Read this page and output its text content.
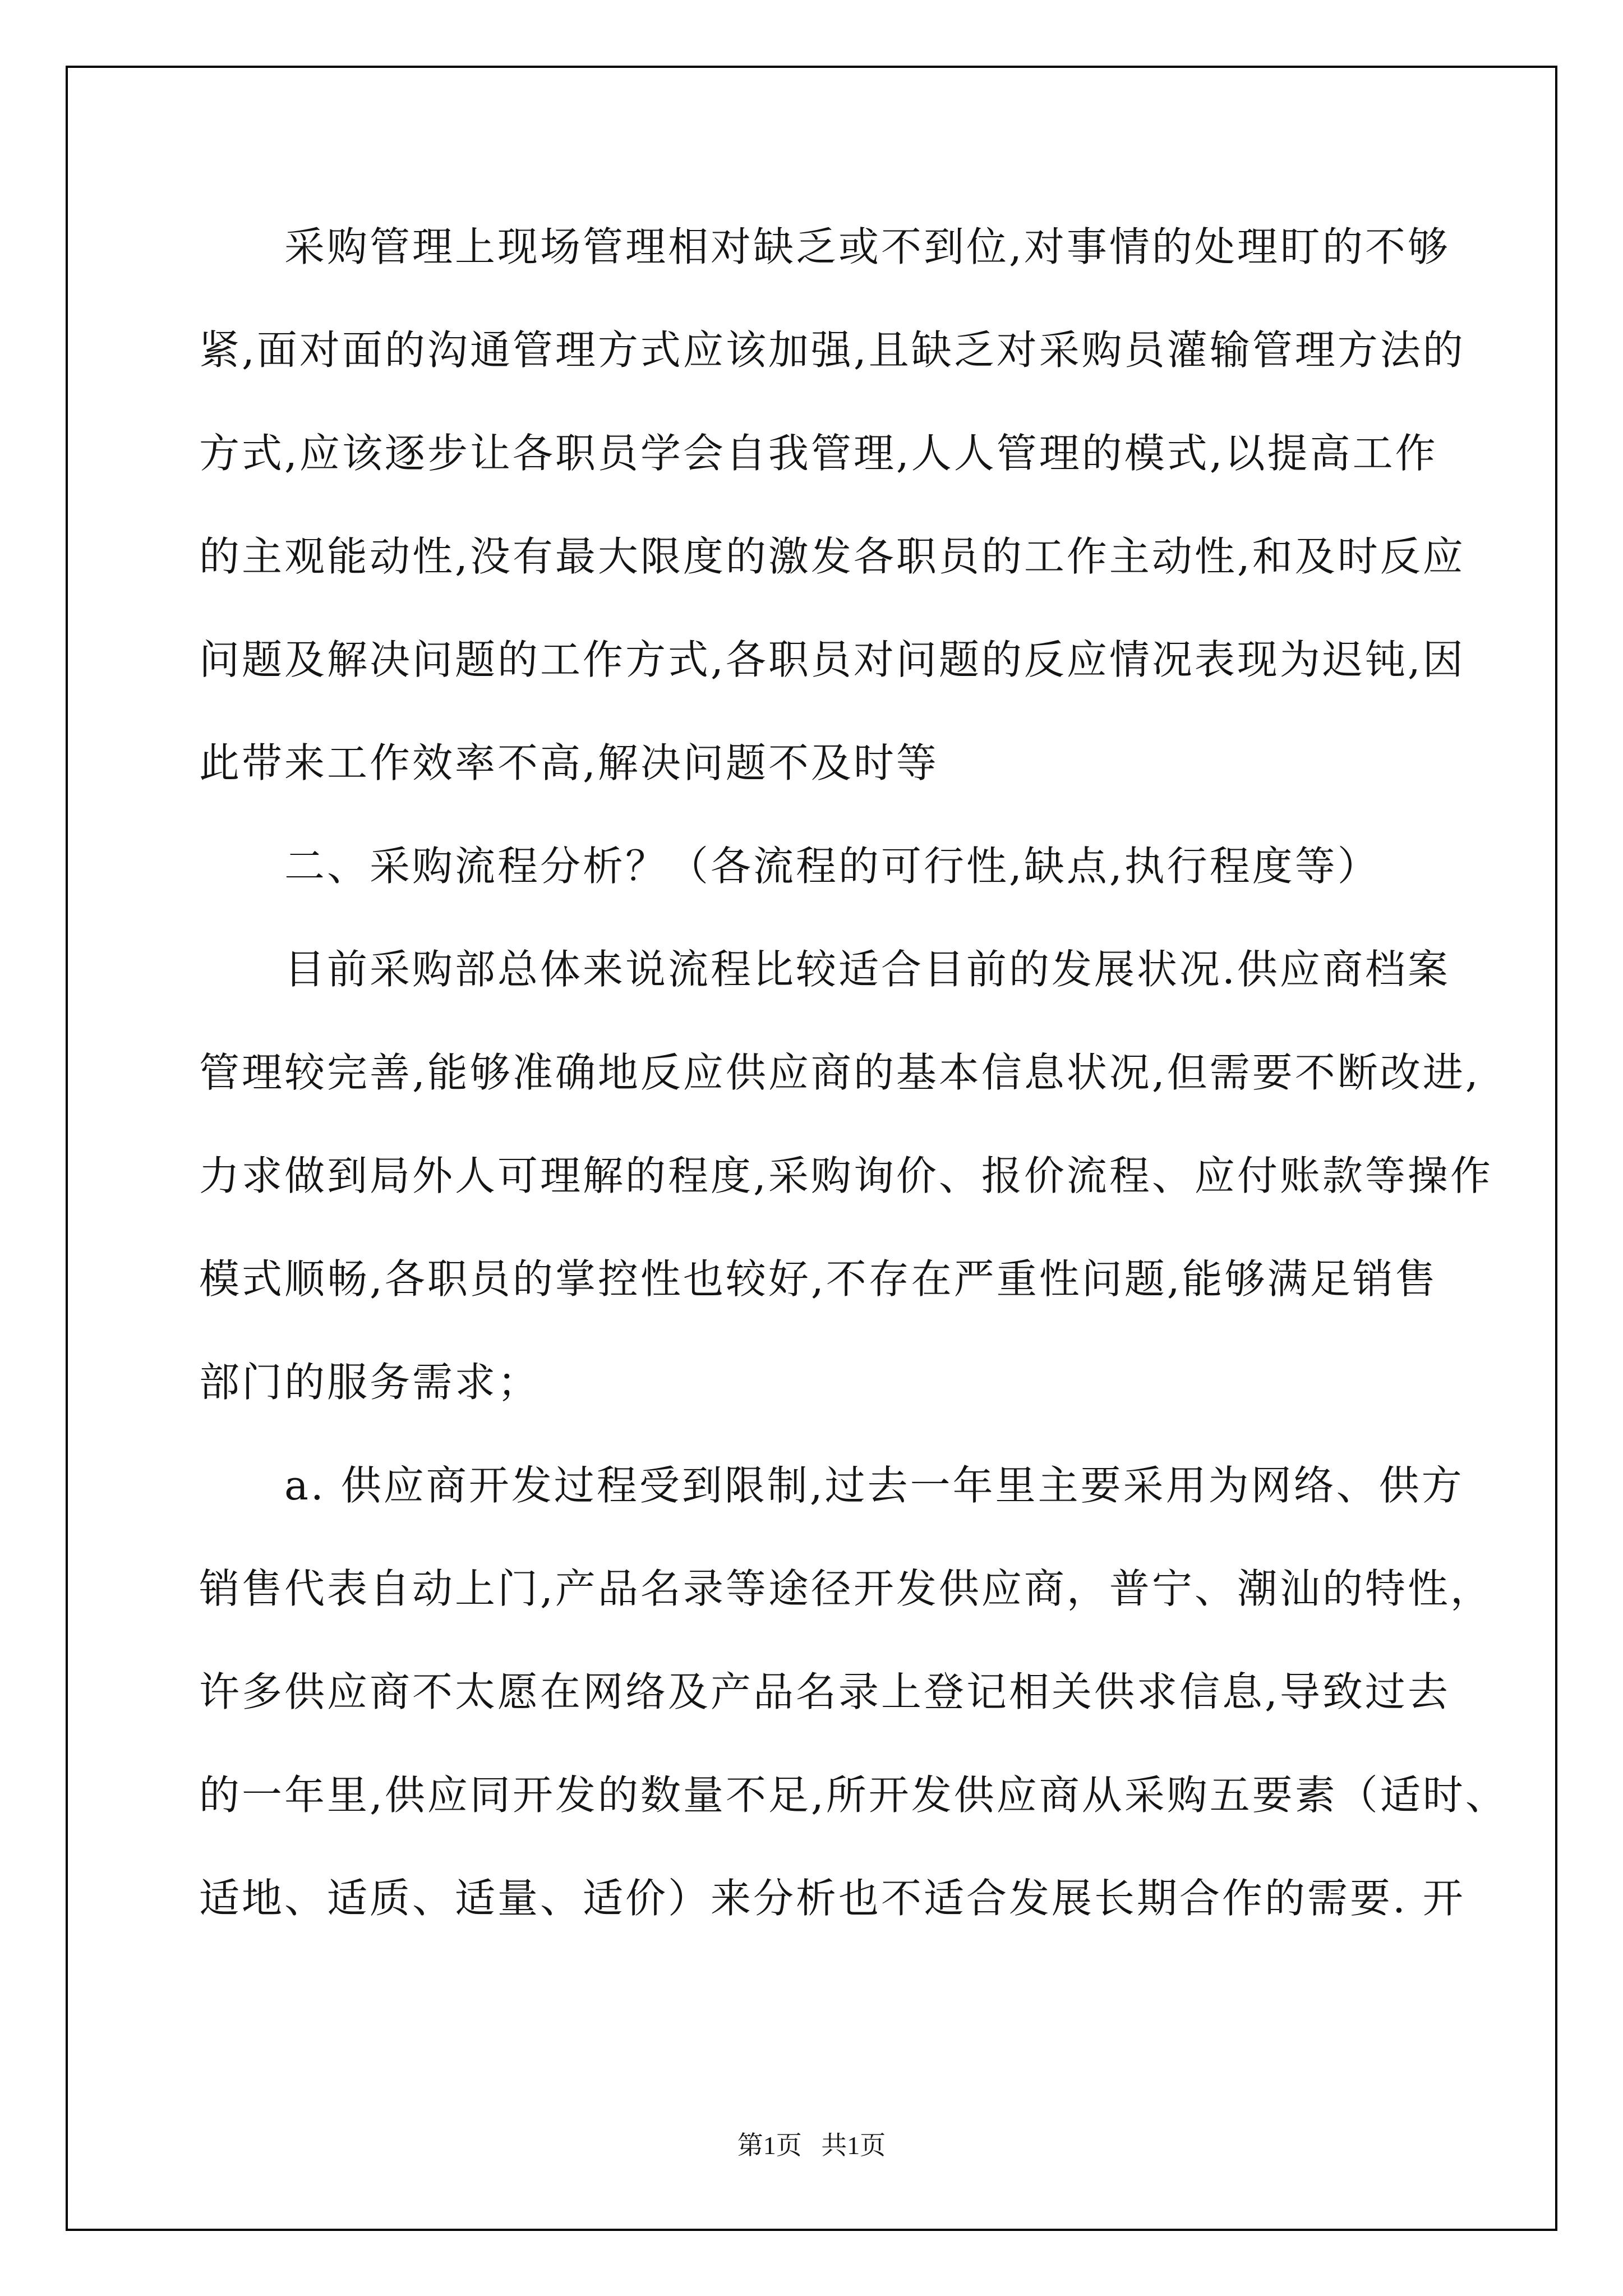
　　采购管理上现场管理相对缺乏或不到位,对事情的处理盯的不够
紧,面对面的沟通管理方式应该加强,且缺乏对采购员灌输管理方法的
方式,应该逐步让各职员学会自我管理,人人管理的模式,以提高工作
的主观能动性,没有最大限度的激发各职员的工作主动性,和及时反应
问题及解决问题的工作方式,各职员对问题的反应情况表现为迟钝,因
此带来工作效率不高,解决问题不及时等
　　二、采购流程分析？（各流程的可行性,缺点,执行程度等）
　　目前采购部总体来说流程比较适合目前的发展状况.供应商档案
管理较完善,能够准确地反应供应商的基本信息状况,但需要不断改进,
力求做到局外人可理解的程度,采购询价、报价流程、应付账款等操作
模式顺畅,各职员的掌控性也较好,不存在严重性问题,能够满足销售
部门的服务需求；
　　a. 供应商开发过程受到限制,过去一年里主要采用为网络、供方
销售代表自动上门,产品名录等途径开发供应商，普宁、潮汕的特性，
许多供应商不太愿在网络及产品名录上登记相关供求信息,导致过去
的一年里,供应同开发的数量不足,所开发供应商从采购五要素（适时、
适地、适质、适量、适价）来分析也不适合发展长期合作的需要. 开
第1页   共1页
